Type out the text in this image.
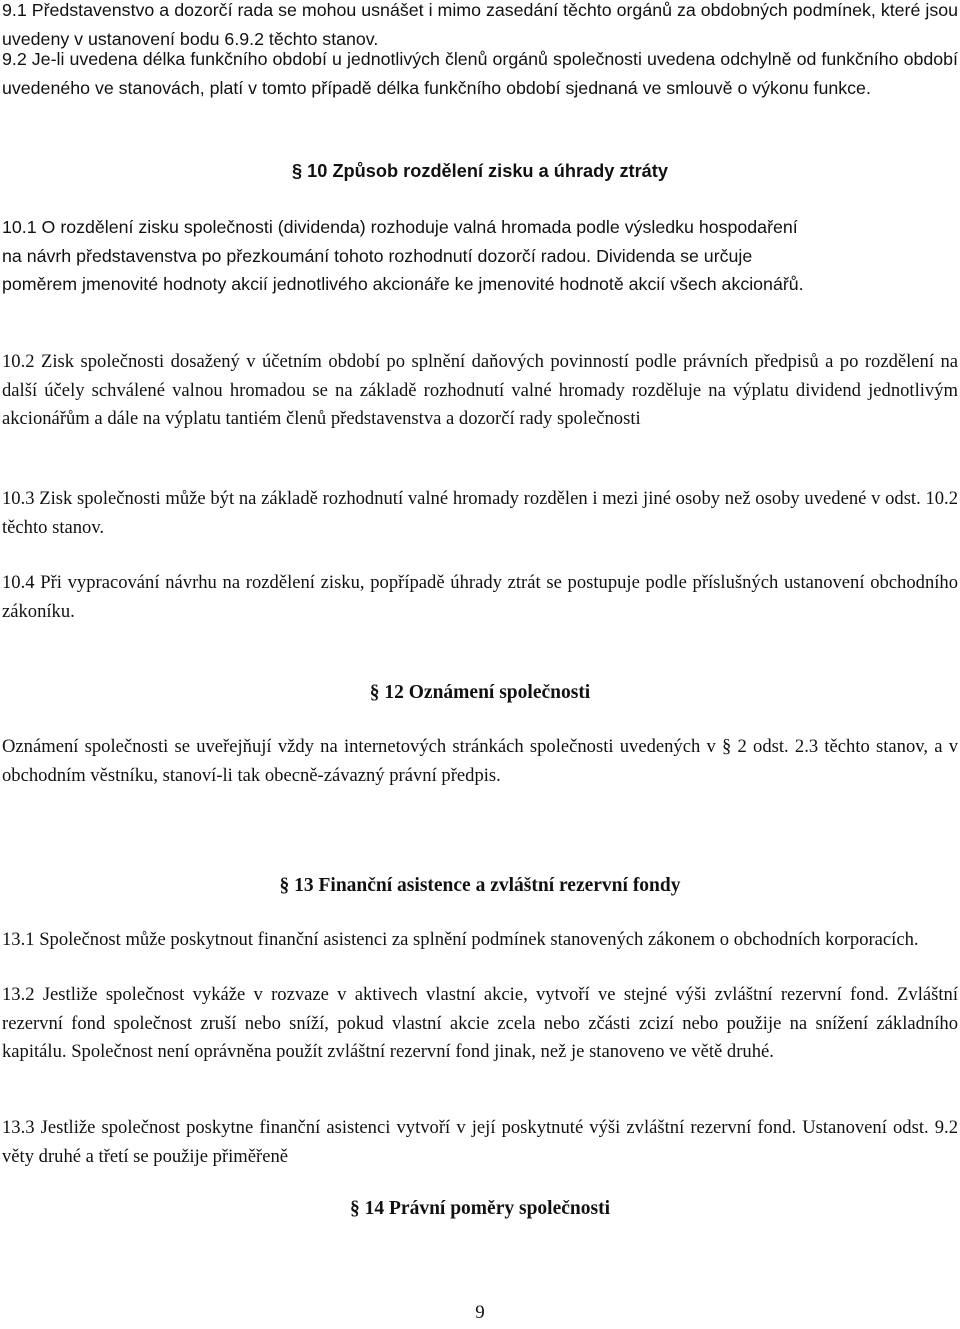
9.1 Představenstvo a dozorčí rada se mohou usnášet i mimo zasedání těchto orgánů za obdobných podmínek, které jsou uvedeny v ustanovení bodu 6.9.2 těchto stanov.

9.2 Je-li uvedena délka funkčního období u jednotlivých členů orgánů společnosti uvedena odchylně od funkčního období uvedeného ve stanovách, platí v tomto případě délka funkčního období sjednaná ve smlouvě o výkonu funkce.

§ 10 Způsob rozdělení zisku a úhrady ztráty

10.1 O rozdělení zisku společnosti (dividenda) rozhoduje valná hromada podle výsledku hospodaření na návrh představenstva po přezkoumání tohoto rozhodnutí dozorčí radou. Dividenda se určuje poměrem jmenovité hodnoty akcií jednotlivého akcionáře ke jmenovité hodnotě akcií všech akcionářů.

10.2 Zisk společnosti dosažený v účetním období po splnění daňových povinností podle právních předpisů a po rozdělení na další účely schválené valnou hromadou se na základě rozhodnutí valné hromady rozděluje na výplatu dividend jednotlivým akcionářům a dále na výplatu tantiém členů představenstva a dozorčí rady společnosti

10.3 Zisk společnosti může být na základě rozhodnutí valné hromady rozdělen i mezi jiné osoby než osoby uvedené v odst. 10.2 těchto stanov.

10.4 Při vypracování návrhu na rozdělení zisku, popřípadě úhrady ztrát se postupuje podle příslušných ustanovení obchodního zákoníku.

§ 12 Oznámení společnosti

Oznámení společnosti se uveřejňují vždy na internetových stránkách společnosti uvedených v § 2 odst. 2.3 těchto stanov, a v obchodním věstníku, stanoví-li tak obecně-závazný právní předpis.

§ 13 Finanční asistence a zvláštní rezervní fondy

13.1 Společnost může poskytnout finanční asistenci za splnění podmínek stanovených zákonem o obchodních korporacích.

13.2 Jestliže společnost vykáže v rozvaze v aktivech vlastní akcie, vytvoří ve stejné výši zvláštní rezervní fond. Zvláštní rezervní fond společnost zruší nebo sníží, pokud vlastní akcie zcela nebo zčásti zcizí nebo použije na snížení základního kapitálu. Společnost není oprávněna použít zvláštní rezervní fond jinak, než je stanoveno ve větě druhé.

13.3 Jestliže společnost poskytne finanční asistenci vytvoří v její poskytnuté výši zvláštní rezervní fond. Ustanovení odst. 9.2 věty druhé a třetí se použije přiměřeně

§ 14 Právní poměry společnosti
9
